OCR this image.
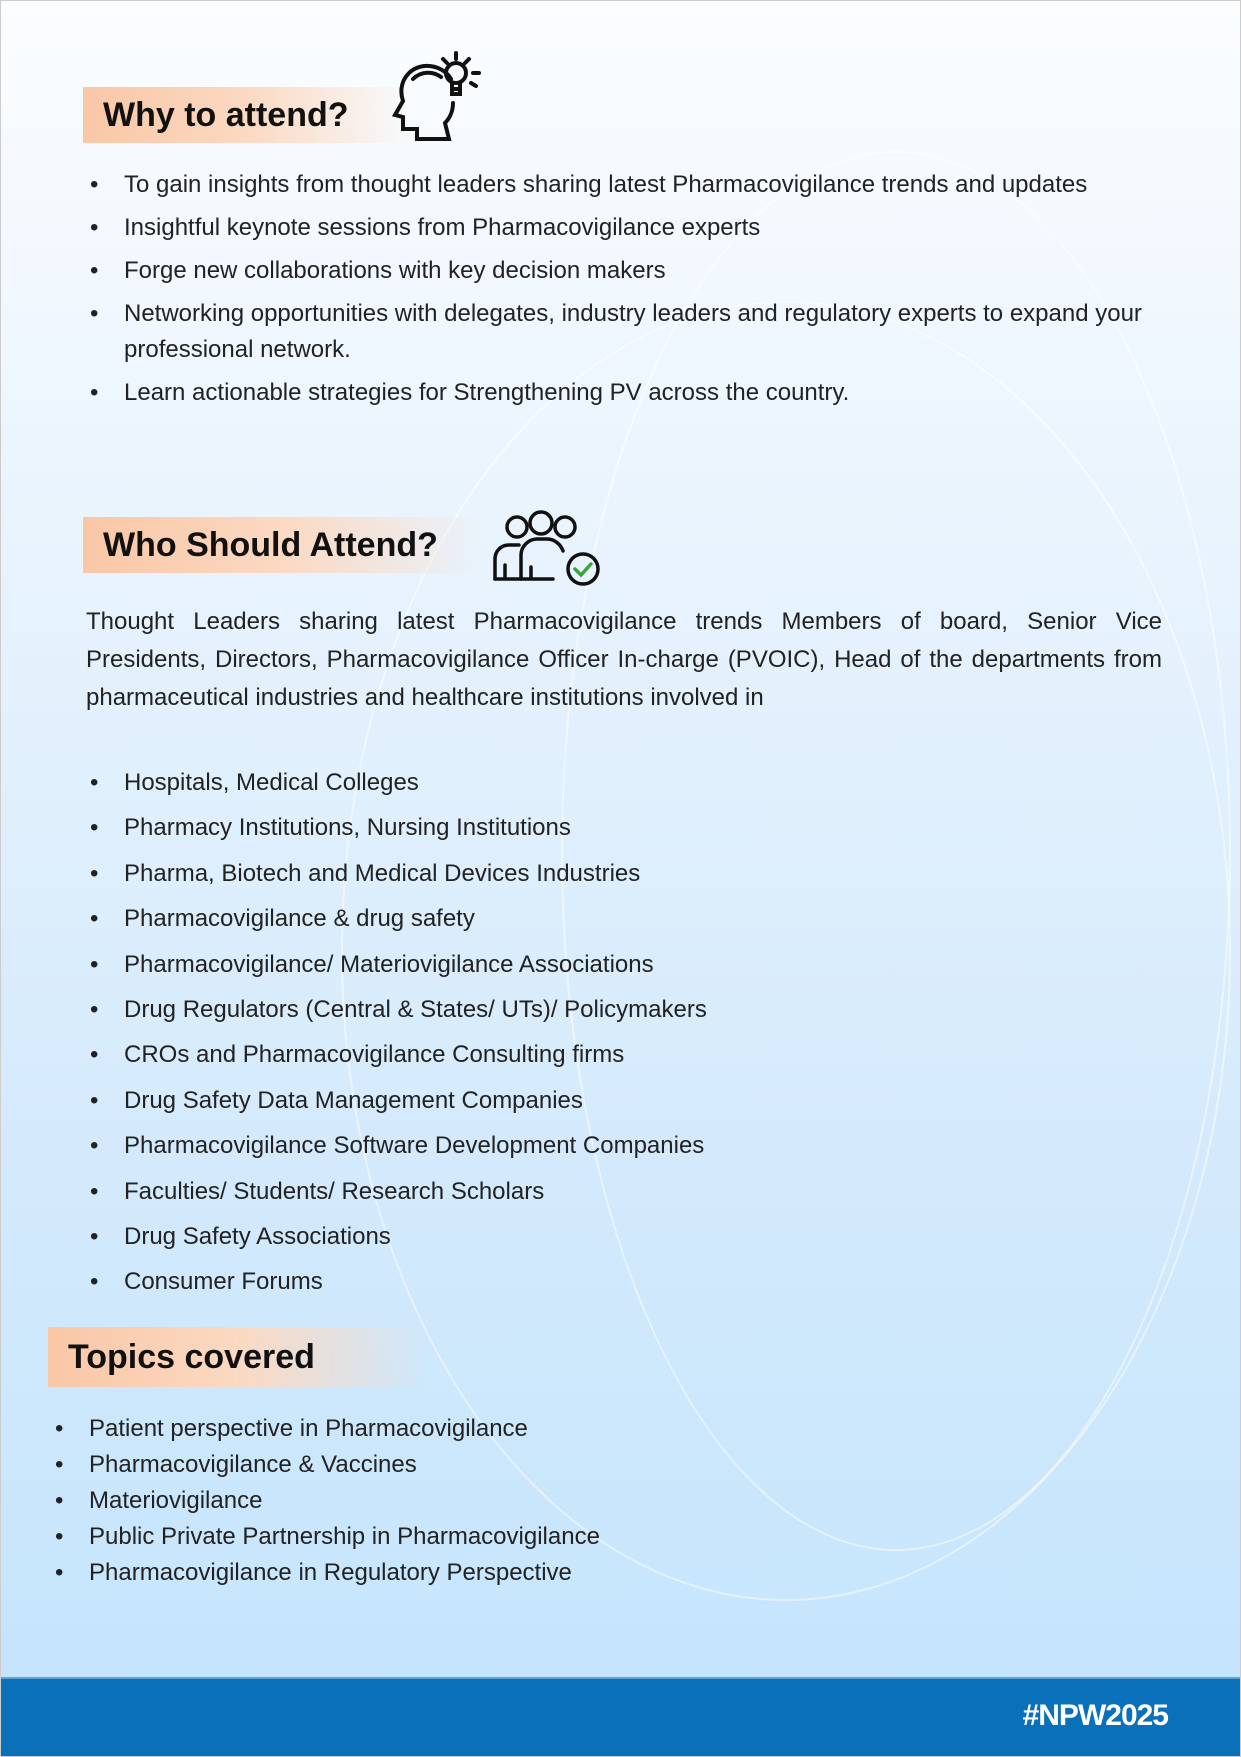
Why to attend?
• To gain insights from thought leaders sharing latest Pharmacovigilance trends and updates
• Insightful keynote sessions from Pharmacovigilance experts
• Forge new collaborations with key decision makers
• Networking opportunities with delegates, industry leaders and regulatory experts to expand your professional network.
• Learn actionable strategies for Strengthening PV across the country.
Who Should Attend?
Thought Leaders sharing latest Pharmacovigilance trends Members of board, Senior Vice Presidents, Directors, Pharmacovigilance Officer In-charge (PVOIC), Head of the departments from pharmaceutical industries and healthcare institutions involved in
• Hospitals, Medical Colleges
• Pharmacy Institutions, Nursing Institutions
• Pharma, Biotech and Medical Devices Industries
• Pharmacovigilance & drug safety
• Pharmacovigilance/ Materiovigilance Associations
• Drug Regulators (Central & States/ UTs)/ Policymakers
• CROs and Pharmacovigilance Consulting firms
• Drug Safety Data Management Companies
• Pharmacovigilance Software Development Companies
• Faculties/ Students/ Research Scholars
• Drug Safety Associations
• Consumer Forums
Topics covered
• Patient perspective in Pharmacovigilance
• Pharmacovigilance & Vaccines
• Materiovigilance
• Public Private Partnership in Pharmacovigilance
• Pharmacovigilance in Regulatory Perspective
#NPW2025
